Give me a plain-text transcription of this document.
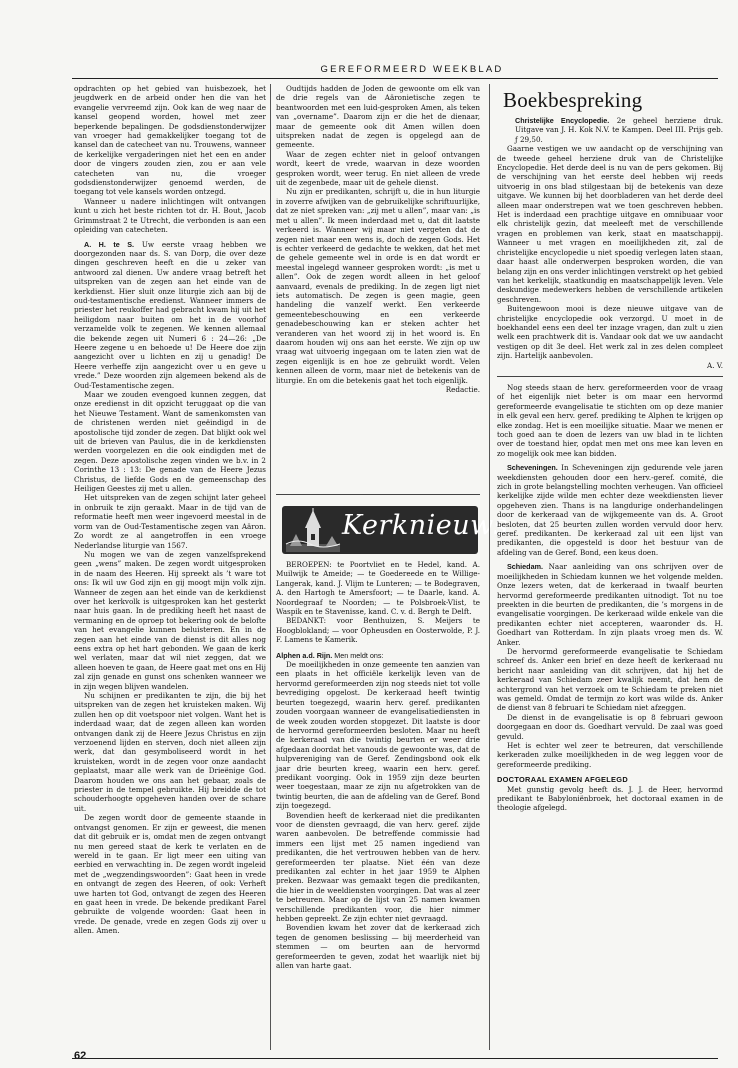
GEREFORMEERD WEEKBLAD

opdrachten op het gebied van huisbezoek, het jeugdwerk en de arbeid onder hen die van het evangelie vervreemd zijn. Ook kan de weg naar de kansel geopend worden, howel met zeer beperkende bepalingen. De godsdienstonderwijzer van vroeger had gemakkelijker toegang tot de kansel dan de catecheet van nu. Trouwens, wanneer de kerkelijke vergaderingen niet het een en ander door de vingers zouden zien, zou er aan vele catecheten van nu, die vroeger godsdienstonderwijzer genoemd werden, de toegang tot vele kansels worden ontzegd.

Wanneer u nadere inlichtingen wilt ontvangen kunt u zich het beste richten tot dr. H. Bout, Jacob Grimmstraat 2 te Utrecht, die verbonden is aan een opleiding van catecheten.

A. H. te S. Uw eerste vraag hebben we doorgezonden naar ds. S. van Dorp, die over deze dingen geschreven heeft en die u zeker van antwoord zal dienen. Uw andere vraag betreft het uitspreken van de zegen aan het einde van de kerkdienst. Hier sluit onze liturgie zich aan bij de oud-testamentische eredienst. Wanneer immers de priester het reukoffer had gebracht kwam hij uit het heiligdom naar buiten om het in de voorhof verzamelde volk te zegenen. We kennen allemaal die bekende zegen uit Numeri 6 : 24—26: „De Heere zegene u en behoede u! De Heere doe zijn aangezicht over u lichten en zij u genadig! De Heere verheffe zijn aangezicht over u en geve u vrede.” Deze woorden zijn algemeen bekend als de Oud-Testamentische zegen.

Maar we zouden evengoed kunnen zeggen, dat onze eredienst in dit opzicht teruggaat op die van het Nieuwe Testament. Want de samenkomsten van de christenen werden niet geëindigd in de apostolische tijd zonder de zegen. Dat blijkt ook wel uit de brieven van Paulus, die in de kerkdiensten werden voorgelezen en die ook eindigden met de zegen. Deze apostolische zegen vinden we b.v. in 2 Corinthe 13 : 13: De genade van de Heere Jezus Christus, de liefde Gods en de gemeenschap des Heiligen Geestes zij met u allen.

Het uitspreken van de zegen schijnt later geheel in onbruik te zijn geraakt. Maar in de tijd van de reformatie heeft men weer ingevoerd meestal in de vorm van de Oud-Testamentische zegen van Aäron. Zo wordt ze al aangetroffen in een vroege Nederlandse liturgie van 1567.

Nu mogen we van de zegen vanzelfsprekend geen „wens” maken. De zegen wordt uitgesproken in de naam des Heeren. Hij spreekt als ’t ware tot ons: Ik wil uw God zijn en gij moogt mijn volk zijn. Wanneer de zegen aan het einde van de kerkdienst over het kerkvolk is uitgesproken kan het gesterkt naar huis gaan. In de prediking heeft het naast de vermaning en de oproep tot bekering ook de belofte van het evangelie kunnen beluisteren. En in de zegen aan het einde van de dienst is dit alles nog eens extra op het hart gebonden. We gaan de kerk wel verlaten, maar dat wil niet zeggen, dat we alleen hoeven te gaan, de Heere gaat met ons en Hij zal zijn genade en gunst ons schenken wanneer we in zijn wegen blijven wandelen.

Nu schijnen er predikanten te zijn, die bij het uitspreken van de zegen het kruisteken maken. Wij zullen hen op dit voetspoor niet volgen. Want het is inderdaad waar, dat de zegen alleen kan worden ontvangen dank zij de Heere Jezus Christus en zijn verzoenend lijden en sterven, doch niet alleen zijn werk, dat dan gesymboliseerd wordt in het kruisteken, wordt in de zegen voor onze aandacht geplaatst, maar alle werk van de Drieënige God. Daarom houden we ons aan het gebaar, zoals de priester in de tempel gebruikte. Hij breidde de tot schouderhoogte opgeheven handen over de schare uit.

De zegen wordt door de gemeente staande in ontvangst genomen. Er zijn er geweest, die menen dat dit gebruik er is, omdat men de zegen ontvangt nu men gereed staat de kerk te verlaten en de wereld in te gaan. Er ligt meer een uiting van eerbied en verwachting in. De zegen wordt ingeleid met de „wegzendingswoorden”: Gaat heen in vrede en ontvangt de zegen des Heeren, of ook: Verheft uwe harten tot God, ontvangt de zegen des Heeren en gaat heen in vrede. De bekende predikant Farel gebruikte de volgende woorden: Gaat heen in vrede. De genade, vrede en zegen Gods zij over u allen. Amen.

Oudtijds hadden de Joden de gewoonte om elk van de drie regels van de Aäronietische zegen te beantwoorden met een luid-gesproken Amen, als teken van „overname”. Daarom zijn er die het de dienaar, maar de gemeente ook dit Amen willen doen uitspreken nadat de zegen is opgelegd aan de gemeente.

Waar de zegen echter niet in geloof ontvangen wordt, keert de vrede, waarvan in deze woorden gesproken wordt, weer terug. En niet alleen de vrede uit de zegenbede, maar uit de gehele dienst.

Nu zijn er predikanten, schrijft u, die in hun liturgie in zoverre afwijken van de gebruikelijke schriftuurlijke, dat ze niet spreken van: „zij met u allen”, maar van: „is met u allen”. Ik meen inderdaad met u, dat dit laatste verkeerd is. Wanneer wij maar niet vergeten dat de zegen niet maar een wens is, doch de zegen Gods. Het is echter verkeerd de gedachte te wekken, dat het met de gehele gemeente wel in orde is en dat wordt er meestal ingelegd wanneer gesproken wordt: „is met u allen”. Ook de zegen wordt alleen in het geloof aanvaard, evenals de prediking. In de zegen ligt niet iets automatisch. De zegen is geen magie, geen handeling die vanzelf werkt. Een verkeerde gemeentebeschouwing en een verkeerde genadebeschouwing kan er steken achter het veranderen van het woord zij in het woord is. En daarom houden wij ons aan het eerste. We zijn op uw vraag wat uitvoerig ingegaan om te laten zien wat de zegen eigenlijk is en hoe ze gebruikt wordt. Velen kennen alleen de vorm, maar niet de betekenis van de liturgie. En om die betekenis gaat het toch eigenlijk.

Redactie.

Kerknieuws

BEROEPEN: te Poortvliet en te Hedel, kand. A. Muilwijk te Ameide; — te Goedereede en te Willige-Langerak, kand. J. Vlijm te Lunteren; — te Bodegraven, A. den Hartogh te Amersfoort; — te Daarle, kand. A. Noordegraaf te Noorden; — te Polsbroek-Vlist, te Waspik en te Stavenisse, kand. C. v. d. Bergh te Delft.

BEDANKT: voor Benthuizen, S. Meijers te Hoogblokland; — voor Opheusden en Oosterwolde, P. J. F. Lamens te Kamerik.

Alphen a.d. Rijn. Men meldt ons:

De moeilijkheden in onze gemeente ten aanzien van een plaats in het officiële kerkelijk leven van de hervormd gereformeerden zijn nog steeds niet tot volle bevrediging opgelost. De kerkeraad heeft twintig beurten toegezegd, waarin herv. geref. predikanten zouden voorgaan wanneer de evangelisatiediensten in de week zouden worden stopgezet. Dit laatste is door de hervormd gereformeerden besloten. Maar nu heeft de kerkeraad van die twintig beurten er weer drie afgedaan doordat het vanouds de gewoonte was, dat de hulpvereniging van de Geref. Zendingsbond ook elk jaar drie beurten kreeg, waarin een herv. geref. predikant voorging. Ook in 1959 zijn deze beurten weer toegestaan, maar ze zijn nu afgetrokken van de twintig beurten, die aan de afdeling van de Geref. Bond zijn toegezegd.

Bovendien heeft de kerkeraad niet die predikanten voor de diensten gevraagd, die van herv. geref. zijde waren aanbevolen. De betreffende commissie had immers een lijst met 25 namen ingediend van predikanten, die het vertrouwen hebben van de herv. gereformeerden ter plaatse. Niet één van deze predikanten zal echter in het jaar 1959 te Alphen preken. Bezwaar was gemaakt tegen die predikanten, die hier in de weeldiensten voorgingen. Dat was al zeer te betreuren. Maar op de lijst van 25 namen kwamen verschillende predikanten voor, die hier nimmer hebben gepreekt. Ze zijn echter niet gevraagd.

Bovendien kwam het zover dat de kerkeraad zich tegen de genomen beslissing — bij meerderheid van stemmen — om beurten aan de hervormd gereformeerden te geven, zodat het waarlijk niet bij allen van harte gaat.

Boekbespreking

Christelijke Encyclopedie. 2e geheel herziene druk. Uitgave van J. H. Kok N.V. te Kampen. Deel III. Prijs geb. ƒ 29,50.

Gaarne vestigen we uw aandacht op de verschijning van de tweede geheel herziene druk van de Christelijke Encyclopedie. Het derde deel is nu van de pers gekomen. Bij de verschijning van het eerste deel hebben wij reeds uitvoerig in ons blad stilgestaan bij de betekenis van deze uitgave. We kunnen bij het doorbladeren van het derde deel alleen maar onderstrepen wat we toen geschreven hebben. Het is inderdaad een prachtige uitgave en omnibuaar voor elk christelijk gezin, dat meeleeft met de verschillende vragen en problemen van kerk, staat en maatschappij. Wanneer u met vragen en moeilijkheden zit, zal de christelijke encyclopedie u niet spoedig verlegen laten staan, daar haast alle onderwerpen besproken worden, die van belang zijn en ons verder inlichtingen verstrekt op het gebied van het kerkelijk, staatkundig en maatschappelijk leven. Vele deskundige medewerkers hebben de verschillende artikelen geschreven.

Buitengewoon mooi is deze nieuwe uitgave van de christelijke encyclopedie ook verzorgd. U moet in de boekhandel eens een deel ter inzage vragen, dan zult u zien welk een prachtwerk dit is. Vandaar ook dat we uw aandacht vestigen op dit 3e deel. Het werk zal in zes delen compleet zijn. Hartelijk aanbevolen.

A. V.

Nog steeds staan de herv. gereformeerden voor de vraag of het eigenlijk niet beter is om maar een hervormd gereformeerde evangelisatie te stichten om op deze manier in elk geval een herv. geref. prediking te Alphen te krijgen op elke zondag. Het is een moeilijke situatie. Maar we menen er toch goed aan te doen de lezers van uw blad in te lichten over de toestand hier, opdat men met ons mee kan leven en zo mogelijk ook mee kan bidden.

Scheveningen. In Scheveningen zijn gedurende vele jaren weekdiensten gehouden door een herv.-geref. comité, die zich in grote belangstelling mochten verheugen. Van officieel kerkelijke zijde wilde men echter deze weekdiensten liever opgeheven zien. Thans is na langdurige onderhandelingen door de kerkeraad van de wijkgemeente van ds. A. Groot besloten, dat 25 beurten zullen worden vervuld door herv. geref. predikanten. De kerkeraad zal uit een lijst van predikanten, die opgesteld is door het bestuur van de afdeling van de Geref. Bond, een keus doen.

Schiedam. Naar aanleiding van ons schrijven over de moeilijkheden in Schiedam kunnen we het volgende melden. Onze lezers weten, dat de kerkeraad in twaalf beurten hervormd gereformeerde predikanten uitnodigt. Tot nu toe preekten in die beurten de predikanten, die ’s morgens in de evangelisatie voorgingen. De kerkeraad wilde enkele van die predikanten echter niet accepteren, waaronder ds. H. Goedhart van Rotterdam. In zijn plaats vroeg men ds. W. Anker.

De hervormd gereformeerde evangelisatie te Schiedam schreef ds. Anker een brief en deze heeft de kerkeraad nu bericht naar aanleiding van dit schrijven, dat hij het de kerkeraad van Schiedam zeer kwalijk neemt, dat hem de achtergrond van het verzoek om te Schiedam te preken niet was gemeld. Omdat de termijn zo kort was wilde ds. Anker de dienst van 8 februari te Schiedam niet afzeggen.

De dienst in de evangelisatie is op 8 februari gewoon doorgegaan en door ds. Goedhart vervuld. De zaal was goed gevuld.

Het is echter wel zeer te betreuren, dat verschillende kerkeraden zulke moeilijkheden in de weg leggen voor de gereformeerde prediking.

DOCTORAAL EXAMEN AFGELEGD

Met gunstig gevolg heeft ds. J. J. de Heer, hervormd predikant te Babyloniënbroek, het doctoraal examen in de theologie afgelegd.

62
